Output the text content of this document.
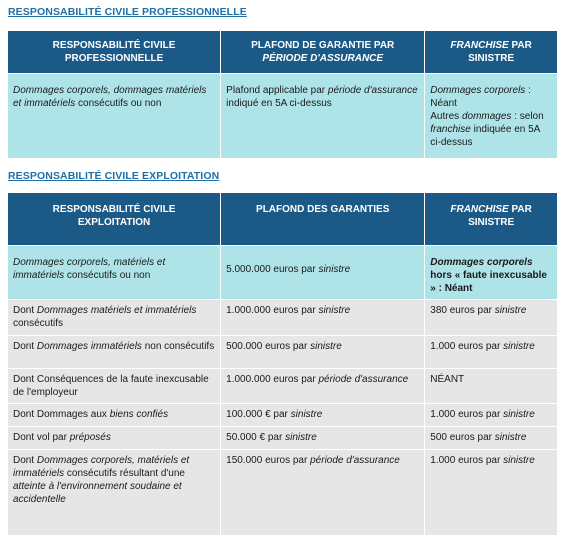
RESPONSABILITÉ CIVILE PROFESSIONNELLE
RESPONSABILITÉ CIVILE PROFESSIONNELLE	PLAFOND DE GARANTIE PAR PÉRIODE D'ASSURANCE	FRANCHISE PAR SINISTRE
Dommages corporels, dommages matériels et immatériels consécutifs ou non	Plafond applicable par période d'assurance indiqué en 5A ci-dessus	Dommages corporels : Néant
Autres dommages : selon franchise indiquée en 5A ci-dessus
RESPONSABILITÉ CIVILE EXPLOITATION
RESPONSABILITÉ CIVILE EXPLOITATION	PLAFOND DES GARANTIES	FRANCHISE PAR SINISTRE
Dommages corporels, matériels et immatériels consécutifs ou non	5.000.000 euros par sinistre	Dommages corporels hors « faute inexcusable » : Néant
Dont Dommages matériels et immatériels consécutifs	1.000.000 euros par sinistre	380 euros par sinistre
Dont Dommages immatériels non consécutifs	500.000 euros par sinistre	1.000 euros par sinistre
Dont Conséquences de la faute inexcusable de l'employeur	1.000.000 euros par période d'assurance	NÉANT
Dont Dommages aux biens confiés	100.000 € par sinistre	1.000 euros par sinistre
Dont vol par préposés	50.000 € par sinistre	500 euros par sinistre
Dont Dommages corporels, matériels et immatériels consécutifs résultant d'une atteinte à l'environnement soudaine et accidentelle	150.000 euros par période d'assurance	1.000 euros par sinistre
